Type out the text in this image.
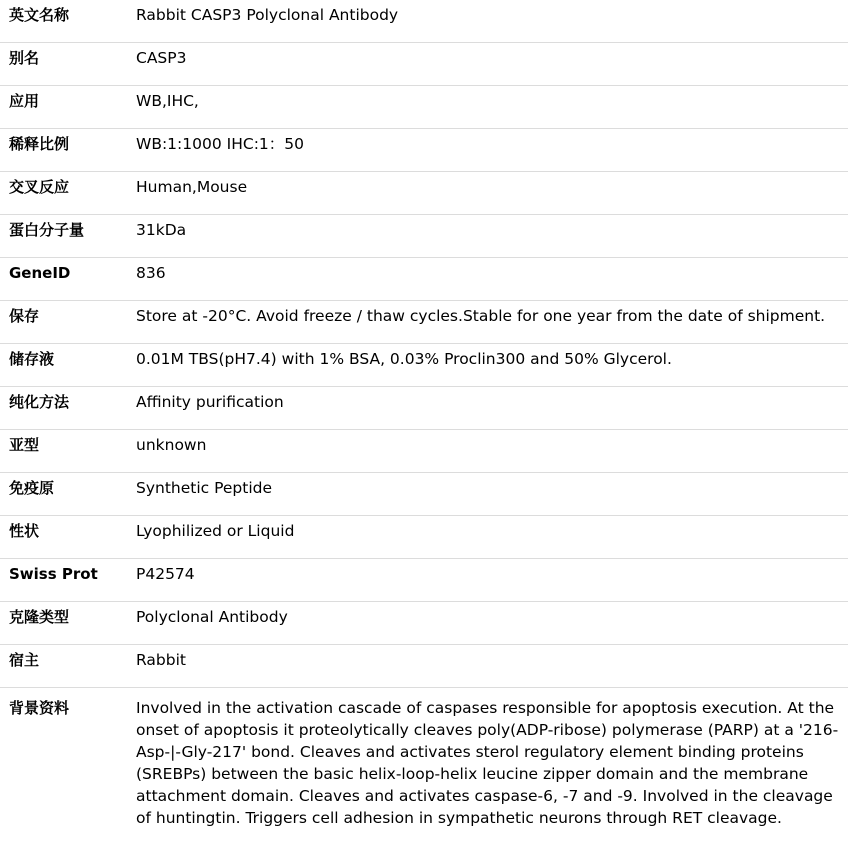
英文名称	Rabbit CASP3 Polyclonal Antibody
别名	CASP3
应用	WB,IHC,
稀释比例	WB:1:1000 IHC:1：50
交叉反应	Human,Mouse
蛋白分子量	31kDa
GeneID	836
保存	Store at -20°C. Avoid freeze / thaw cycles.Stable for one year from the date of shipment.
储存液	0.01M TBS(pH7.4) with 1% BSA, 0.03% Proclin300 and 50% Glycerol.
纯化方法	Affinity purification
亚型	unknown
免疫原	Synthetic Peptide
性状	Lyophilized or Liquid
Swiss Prot	P42574
克隆类型	Polyclonal Antibody
宿主	Rabbit
背景资料	Involved in the activation cascade of caspases responsible for apoptosis execution. At the onset of apoptosis it proteolytically cleaves poly(ADP-ribose) polymerase (PARP) at a '216-Asp-|-Gly-217' bond. Cleaves and activates sterol regulatory element binding proteins (SREBPs) between the basic helix-loop-helix leucine zipper domain and the membrane attachment domain. Cleaves and activates caspase-6, -7 and -9. Involved in the cleavage of huntingtin. Triggers cell adhesion in sympathetic neurons through RET cleavage.
